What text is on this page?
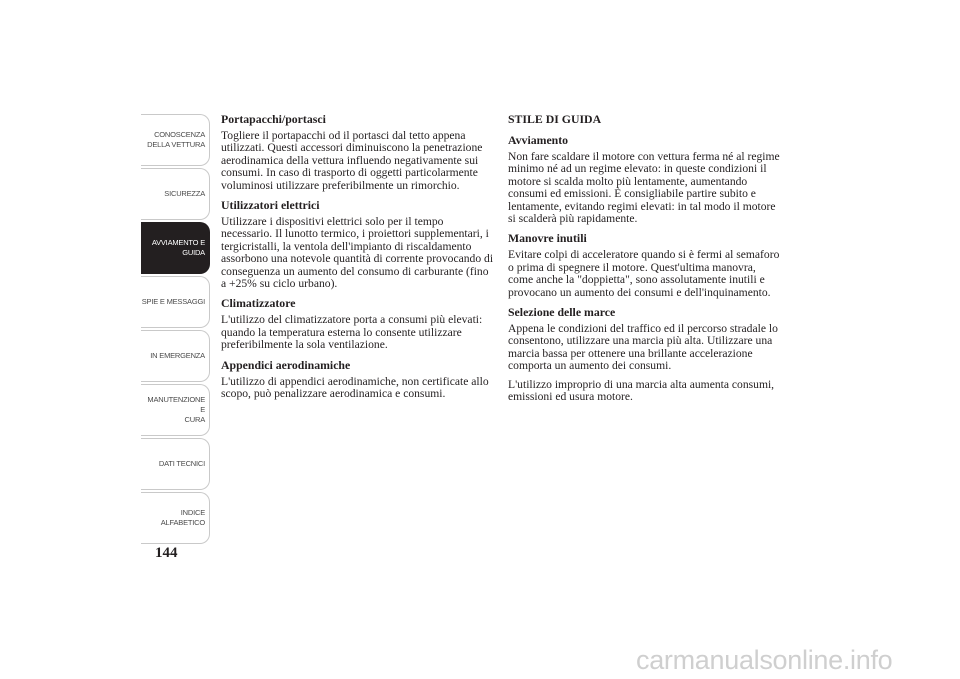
CONOSCENZA
DELLA VETTURA
SICUREZZA
AVVIAMENTO E
GUIDA
SPIE E MESSAGGI
IN EMERGENZA
MANUTENZIONE E
CURA
DATI TECNICI
INDICE
ALFABETICO
144
Portapacchi/portasci

Togliere il portapacchi od il portasci dal tetto appena utilizzati. Questi accessori diminuiscono la penetrazione aerodinamica della vettura influendo negativamente sui consumi. In caso di trasporto di oggetti particolarmente voluminosi utilizzare preferibilmente un rimorchio.

Utilizzatori elettrici

Utilizzare i dispositivi elettrici solo per il tempo necessario. Il lunotto termico, i proiettori supplementari, i tergicristalli, la ventola dell'impianto di riscaldamento assorbono una notevole quantità di corrente provocando di conseguenza un aumento del consumo di carburante (fino a +25% su ciclo urbano).

Climatizzatore

L'utilizzo del climatizzatore porta a consumi più elevati: quando la temperatura esterna lo consente utilizzare preferibilmente la sola ventilazione.

Appendici aerodinamiche

L'utilizzo di appendici aerodinamiche, non certificate allo scopo, può penalizzare aerodinamica e consumi.

STILE DI GUIDA
Avviamento

Non fare scaldare il motore con vettura ferma né al regime minimo né ad un regime elevato: in queste condizioni il motore si scalda molto più lentamente, aumentando consumi ed emissioni. È consigliabile partire subito e lentamente, evitando regimi elevati: in tal modo il motore si scalderà più rapidamente.

Manovre inutili

Evitare colpi di acceleratore quando si è fermi al semaforo o prima di spegnere il motore. Quest'ultima manovra, come anche la "doppietta", sono assolutamente inutili e provocano un aumento dei consumi e dell'inquinamento.

Selezione delle marce

Appena le condizioni del traffico ed il percorso stradale lo consentono, utilizzare una marcia più alta. Utilizzare una marcia bassa per ottenere una brillante accelerazione comporta un aumento dei consumi.

L'utilizzo improprio di una marcia alta aumenta consumi, emissioni ed usura motore.

carmanualsonline.info
